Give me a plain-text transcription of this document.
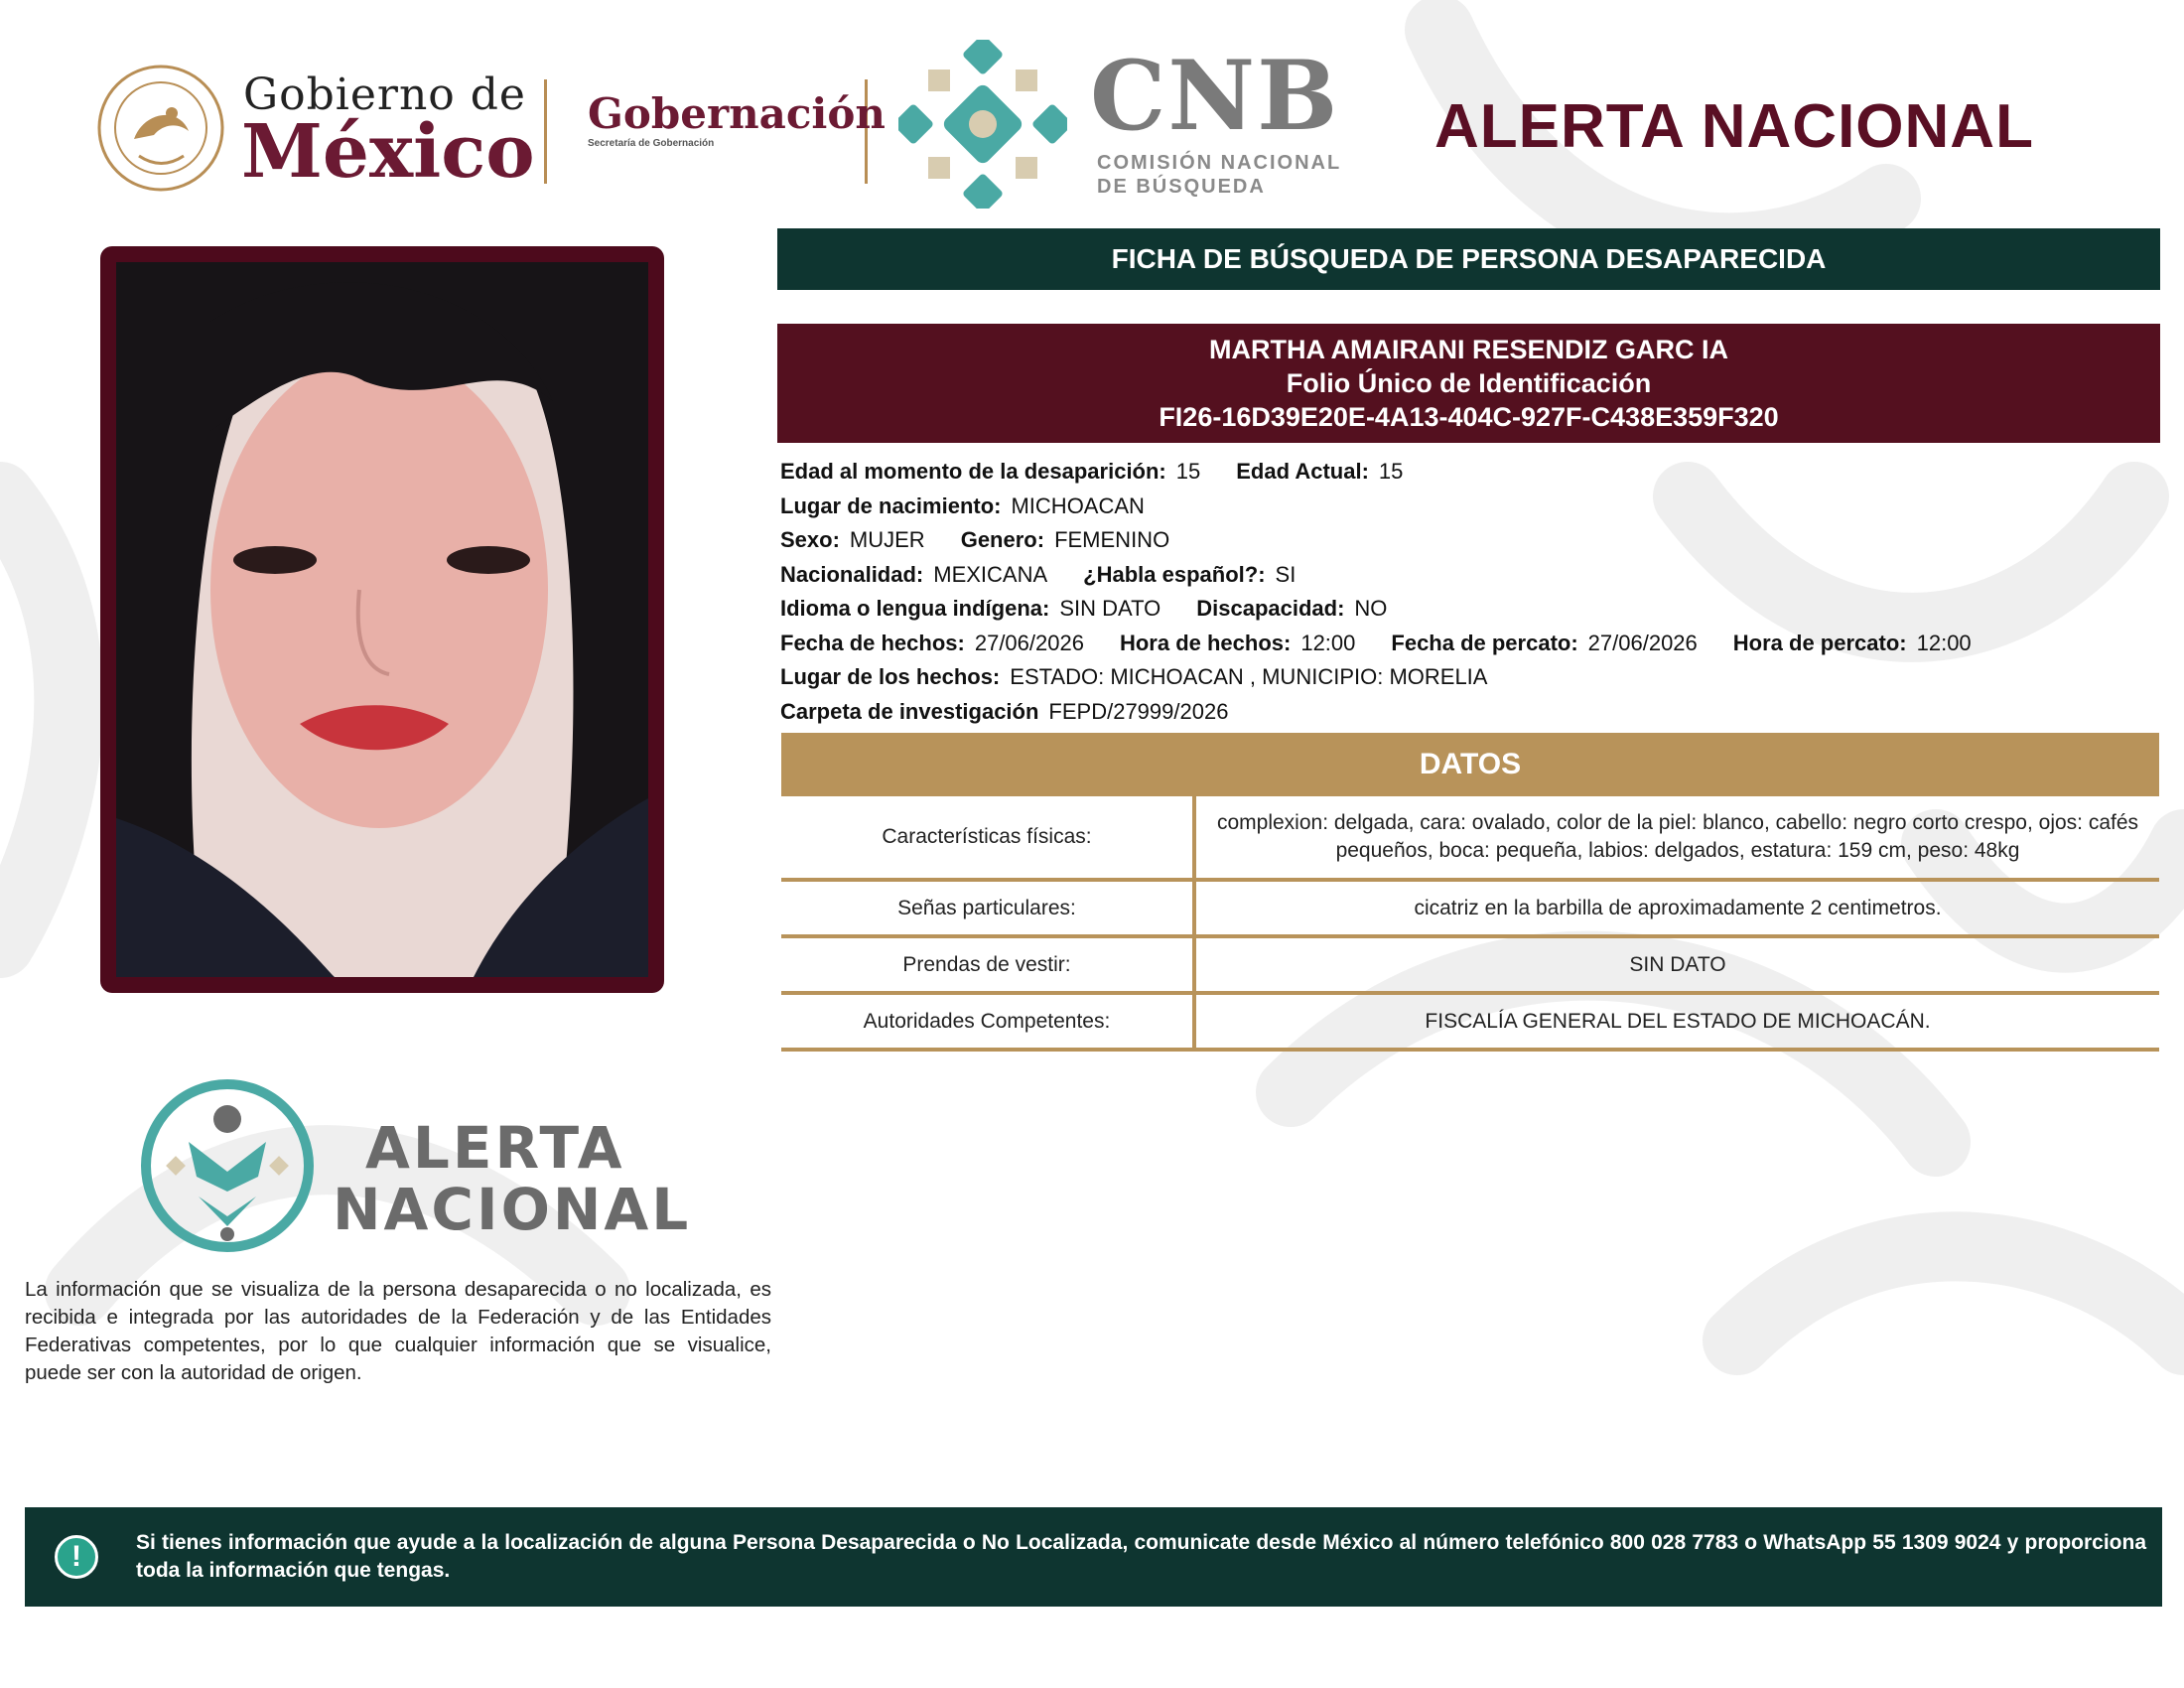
Gobierno de
México Gobernación
Secretaría de Gobernación	CNB
COMISIÓN NACIONAL
DE BÚSQUEDA
ALERTA NACIONAL
FICHA DE BÚSQUEDA DE PERSONA DESAPARECIDA
MARTHA AMAIRANI RESENDIZ GARC IA
Folio Único de Identificación
FI26-16D39E20E-4A13-404C-927F-C438E359F320
Edad al momento de la desaparición: 15 Edad Actual: 15
Lugar de nacimiento: MICHOACAN
Sexo: MUJER Genero: FEMENINO
Nacionalidad: MEXICANA ¿Habla español?: SI
Idioma o lengua indígena: SIN DATO Discapacidad: NO
Fecha de hechos: 27/06/2026 Hora de hechos: 12:00 Fecha de percato: 27/06/2026 Hora de percato: 12:00
Lugar de los hechos: ESTADO: MICHOACAN , MUNICIPIO: MORELIA
Carpeta de investigación FEPD/27999/2026
DATOS
Características físicas:	complexion: delgada, cara: ovalado, color de la piel: blanco, cabello: negro corto crespo, ojos: cafés pequeños, boca: pequeña, labios: delgados, estatura: 159 cm, peso: 48kg
Señas particulares:	cicatriz en la barbilla de aproximadamente 2 centimetros.
Prendas de vestir:	SIN DATO
Autoridades Competentes:	FISCALÍA GENERAL DEL ESTADO DE MICHOACÁN.
ALERTA
NACIONAL
La información que se visualiza de la persona desaparecida o no localizada, es recibida e integrada por las autoridades de la Federación y de las Entidades Federativas competentes, por lo que cualquier información que se visualice, puede ser con la autoridad de origen.
!	Si tienes información que ayude a la localización de alguna Persona Desaparecida o No Localizada, comunicate desde México al número telefónico 800 028 7783 o WhatsApp 55 1309 9024 y proporciona toda la información que tengas.
